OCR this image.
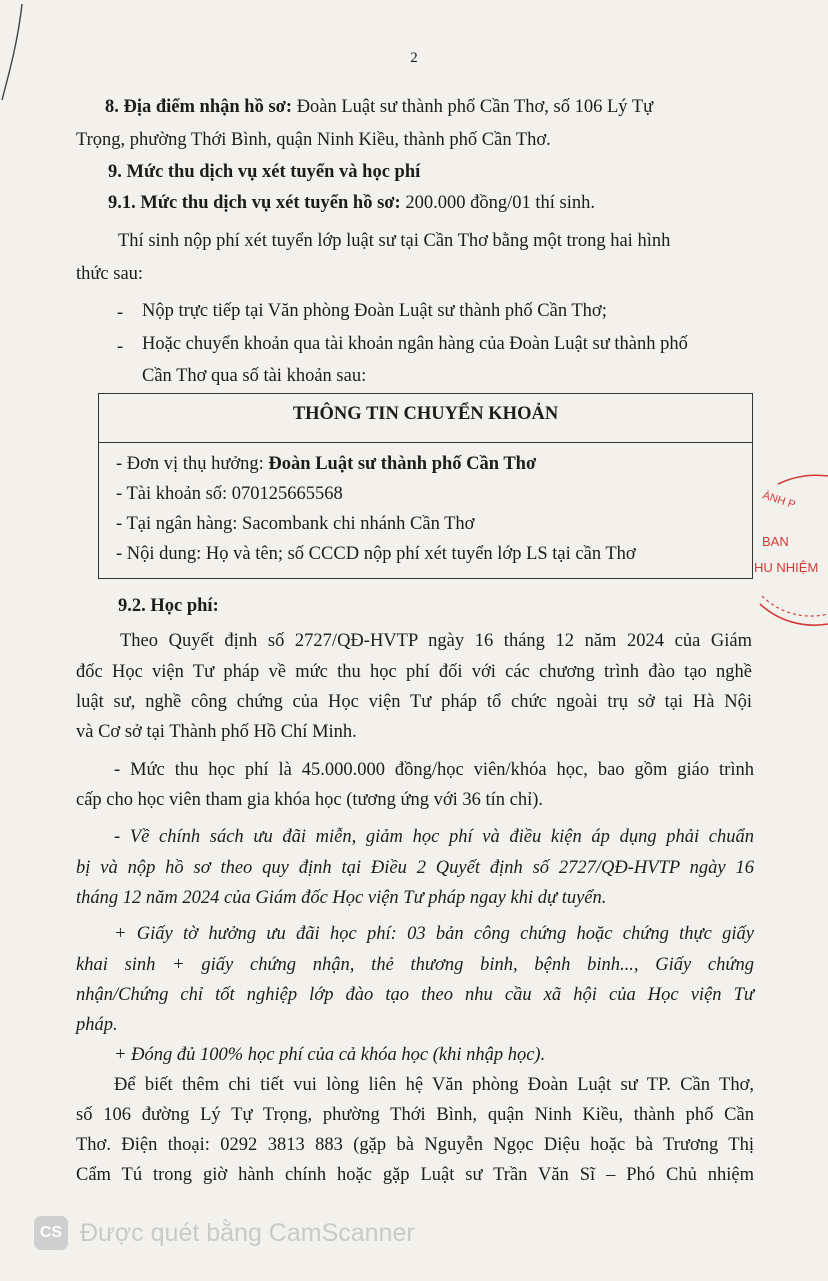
2
8. Địa điểm nhận hồ sơ: Đoàn Luật sư thành phố Cần Thơ, số 106 Lý Tự
Trọng, phường Thới Bình, quận Ninh Kiều, thành phố Cần Thơ.
9. Mức thu dịch vụ xét tuyển và học phí
9.1. Mức thu dịch vụ xét tuyển hồ sơ: 200.000 đồng/01 thí sinh.
Thí sinh nộp phí xét tuyển lớp luật sư tại Cần Thơ bằng một trong hai hình
thức sau:
- Nộp trực tiếp tại Văn phòng Đoàn Luật sư thành phố Cần Thơ;
- Hoặc chuyển khoản qua tài khoản ngân hàng của Đoàn Luật sư thành phố
Cần Thơ qua số tài khoản sau:
THÔNG TIN CHUYỂN KHOẢN
- Đơn vị thụ hưởng: Đoàn Luật sư thành phố Cần Thơ
- Tài khoản số: 070125665568
- Tại ngân hàng: Sacombank chi nhánh Cần Thơ
- Nội dung: Họ và tên; số CCCD nộp phí xét tuyển lớp LS tại cần Thơ
ÀNH P
BAN
HU NHIỆM
9.2. Học phí:
Theo Quyết định số 2727/QĐ-HVTP ngày 16 tháng 12 năm 2024 của Giám
đốc Học viện Tư pháp về mức thu học phí đối với các chương trình đào tạo nghề
luật sư, nghề công chứng của Học viện Tư pháp tổ chức ngoài trụ sở tại Hà Nội
và Cơ sở tại Thành phố Hồ Chí Minh.
- Mức thu học phí là 45.000.000 đồng/học viên/khóa học, bao gồm giáo trình
cấp cho học viên tham gia khóa học (tương ứng với 36 tín chỉ).
- Về chính sách ưu đãi miễn, giảm học phí và điều kiện áp dụng phải chuẩn
bị và nộp hồ sơ theo quy định tại Điều 2 Quyết định số 2727/QĐ-HVTP ngày 16
tháng 12 năm 2024 của Giám đốc Học viện Tư pháp ngay khi dự tuyển.
+ Giấy tờ hưởng ưu đãi học phí: 03 bản công chứng hoặc chứng thực giấy
khai sinh + giấy chứng nhận, thẻ thương binh, bệnh binh..., Giấy chứng
nhận/Chứng chỉ tốt nghiệp lớp đào tạo theo nhu cầu xã hội của Học viện Tư
pháp.
+ Đóng đủ 100% học phí của cả khóa học (khi nhập học).
Để biết thêm chi tiết vui lòng liên hệ Văn phòng Đoàn Luật sư TP. Cần Thơ,
số 106 đường Lý Tự Trọng, phường Thới Bình, quận Ninh Kiều, thành phố Cần
Thơ. Điện thoại: 0292 3813 883 (gặp bà Nguyễn Ngọc Diệu hoặc bà Trương Thị
Cẩm Tú trong giờ hành chính hoặc gặp Luật sư Trần Văn Sĩ – Phó Chủ nhiệm
CS Được quét bằng CamScanner
